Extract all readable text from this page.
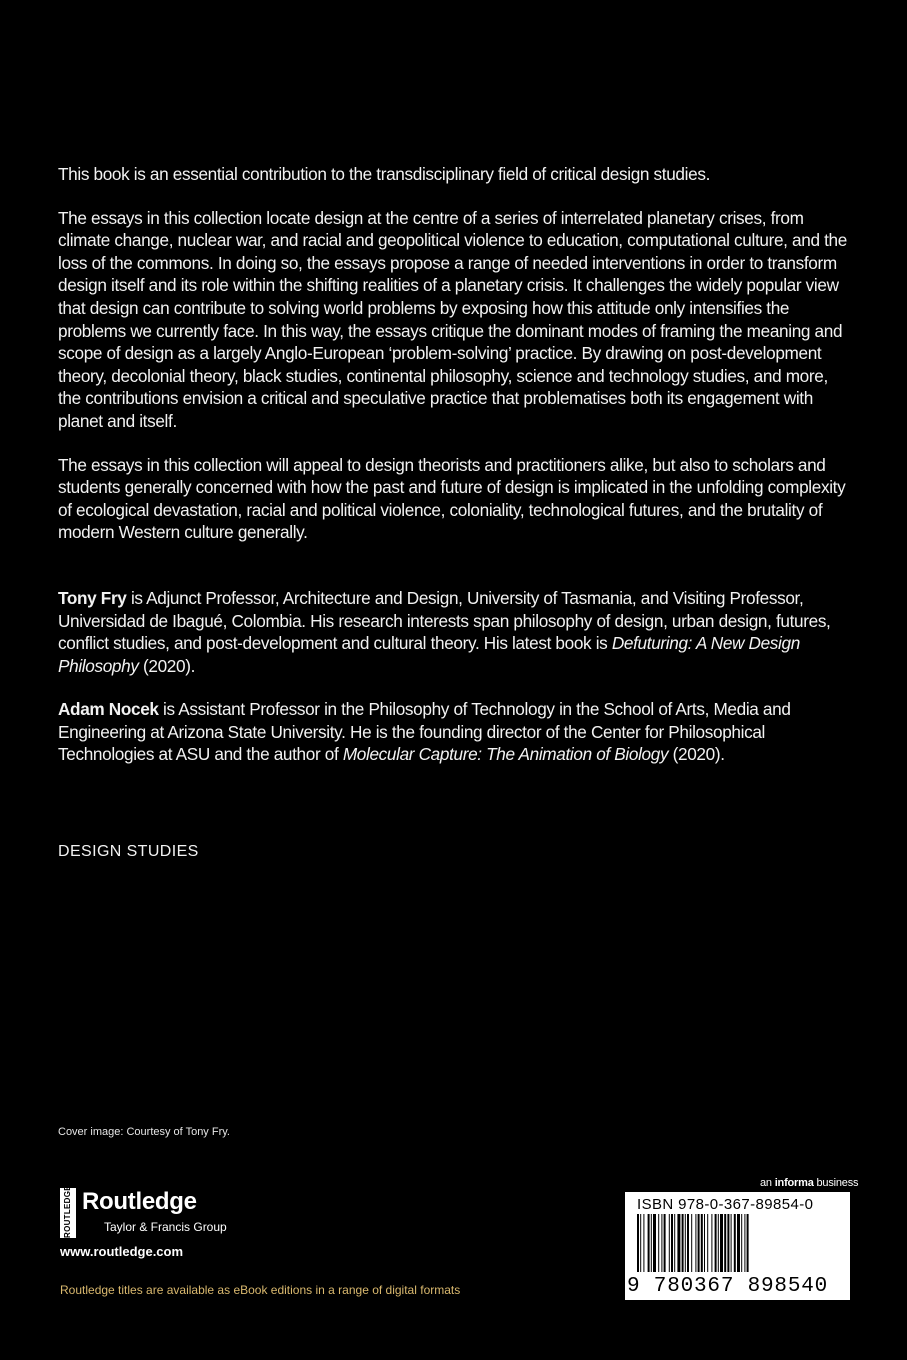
This book is an essential contribution to the transdisciplinary field of critical design studies.

The essays in this collection locate design at the centre of a series of interrelated planetary crises, from climate change, nuclear war, and racial and geopolitical violence to education, computational culture, and the loss of the commons. In doing so, the essays propose a range of needed interventions in order to transform design itself and its role within the shifting realities of a planetary crisis. It challenges the widely popular view that design can contribute to solving world problems by exposing how this attitude only intensifies the problems we currently face. In this way, the essays critique the dominant modes of framing the meaning and scope of design as a largely Anglo-European ‘problem-solving’ practice. By drawing on post-development theory, decolonial theory, black studies, continental philosophy, science and technology studies, and more, the contributions envision a critical and speculative practice that problematises both its engagement with planet and itself.

The essays in this collection will appeal to design theorists and practitioners alike, but also to scholars and students generally concerned with how the past and future of design is implicated in the unfolding complexity of ecological devastation, racial and political violence, coloniality, technological futures, and the brutality of modern Western culture generally.

Tony Fry is Adjunct Professor, Architecture and Design, University of Tasmania, and Visiting Professor, Universidad de Ibagué, Colombia. His research interests span philosophy of design, urban design, futures, conflict studies, and post-development and cultural theory. His latest book is Defuturing: A New Design Philosophy (2020).

Adam Nocek is Assistant Professor in the Philosophy of Technology in the School of Arts, Media and Engineering at Arizona State University. He is the founding director of the Center for Philosophical Technologies at ASU and the author of Molecular Capture: The Animation of Biology (2020).

DESIGN STUDIES
Cover image: Courtesy of Tony Fry.
ROUTLEDGE Routledge
Taylor & Francis Group
www.routledge.com
Routledge titles are available as eBook editions in a range of digital formats
an informa business
ISBN 978-0-367-89854-0
9 780367 898540
